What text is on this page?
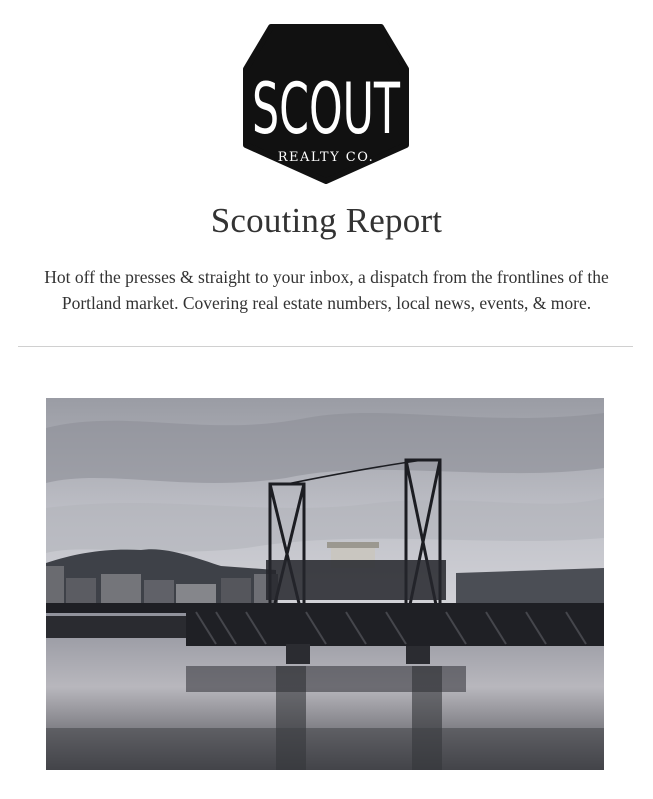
SCOUT
REALTY CO.
Scouting Report
Hot off the presses & straight to your inbox, a dispatch from the frontlines of the Portland market. Covering real estate numbers, local news, events, & more.
